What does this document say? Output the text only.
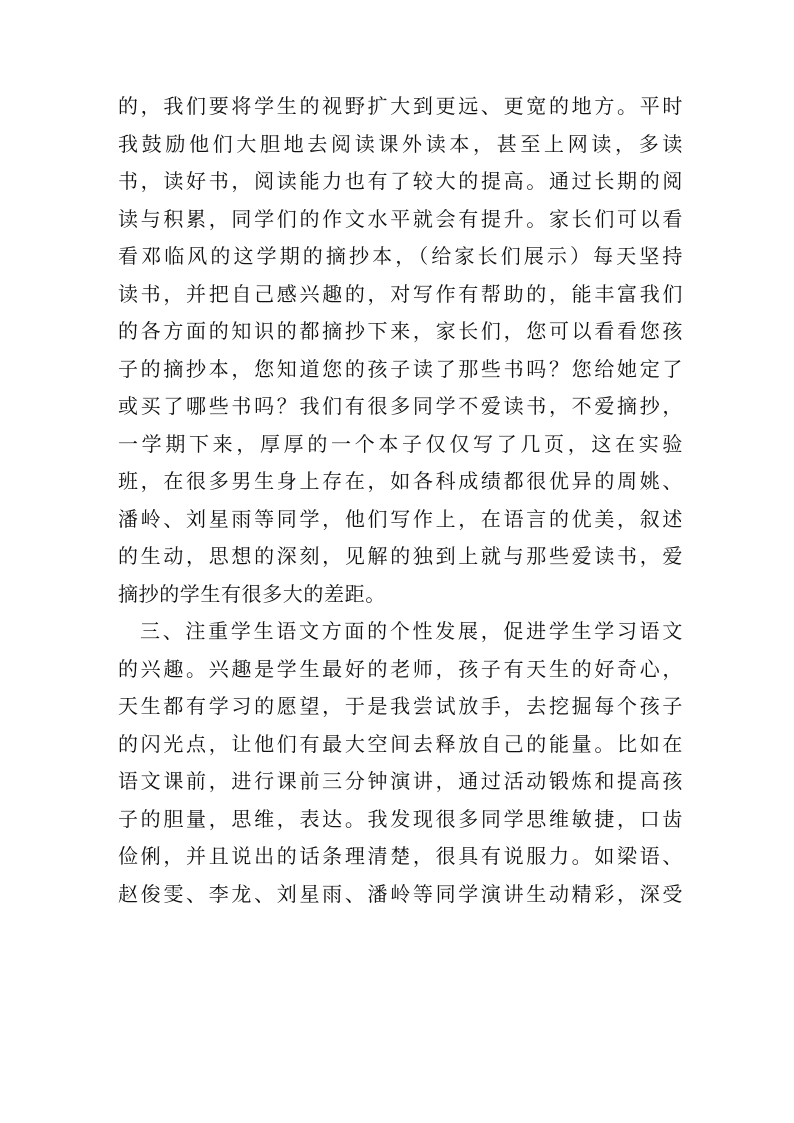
的，我们要将学生的视野扩大到更远、更宽的地方。平时
我鼓励他们大胆地去阅读课外读本，甚至上网读，多读
书，读好书，阅读能力也有了较大的提高。通过长期的阅
读与积累，同学们的作文水平就会有提升。家长们可以看
看邓临风的这学期的摘抄本，（给家长们展示）每天坚持
读书，并把自己感兴趣的，对写作有帮助的，能丰富我们
的各方面的知识的都摘抄下来，家长们，您可以看看您孩
子的摘抄本，您知道您的孩子读了那些书吗？您给她定了
或买了哪些书吗？我们有很多同学不爱读书，不爱摘抄，
一学期下来，厚厚的一个本子仅仅写了几页，这在实验
班，在很多男生身上存在，如各科成绩都很优异的周姚、
潘岭、刘星雨等同学，他们写作上，在语言的优美，叙述
的生动，思想的深刻，见解的独到上就与那些爱读书，爱
摘抄的学生有很多大的差距。
三、注重学生语文方面的个性发展，促进学生学习语文
的兴趣。兴趣是学生最好的老师，孩子有天生的好奇心，
天生都有学习的愿望，于是我尝试放手，去挖掘每个孩子
的闪光点，让他们有最大空间去释放自己的能量。比如在
语文课前，进行课前三分钟演讲，通过活动锻炼和提高孩
子的胆量，思维，表达。我发现很多同学思维敏捷，口齿
俭俐，并且说出的话条理清楚，很具有说服力。如梁语、
赵俊雯、李龙、刘星雨、潘岭等同学演讲生动精彩，深受
